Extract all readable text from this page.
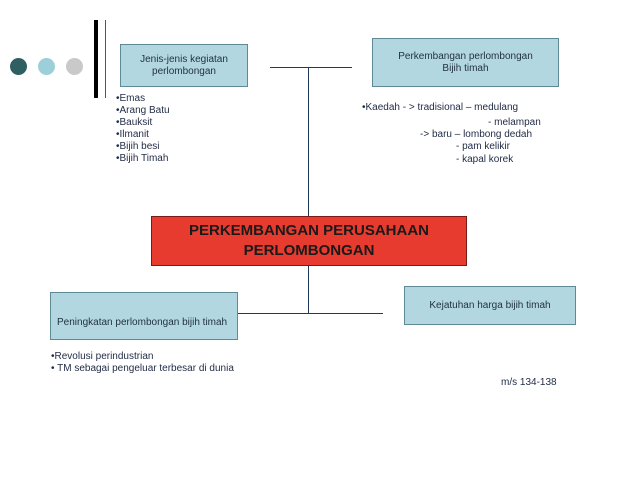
Jenis-jenis kegiatan
perlombongan
•Emas
•Arang Batu
•Bauksit
•Ilmanit
•Bijih besi
•Bijih Timah
Perkembangan perlombongan
Bijih timah
•Kaedah - > tradisional – medulang
- melampan
-> baru – lombong dedah
- pam kelikir
- kapal korek
PERKEMBANGAN PERUSAHAAN
PERLOMBONGAN
Peningkatan perlombongan bijih timah
•Revolusi perindustrian
• TM sebagai pengeluar terbesar di dunia
Kejatuhan harga bijih timah
m/s 134-138
